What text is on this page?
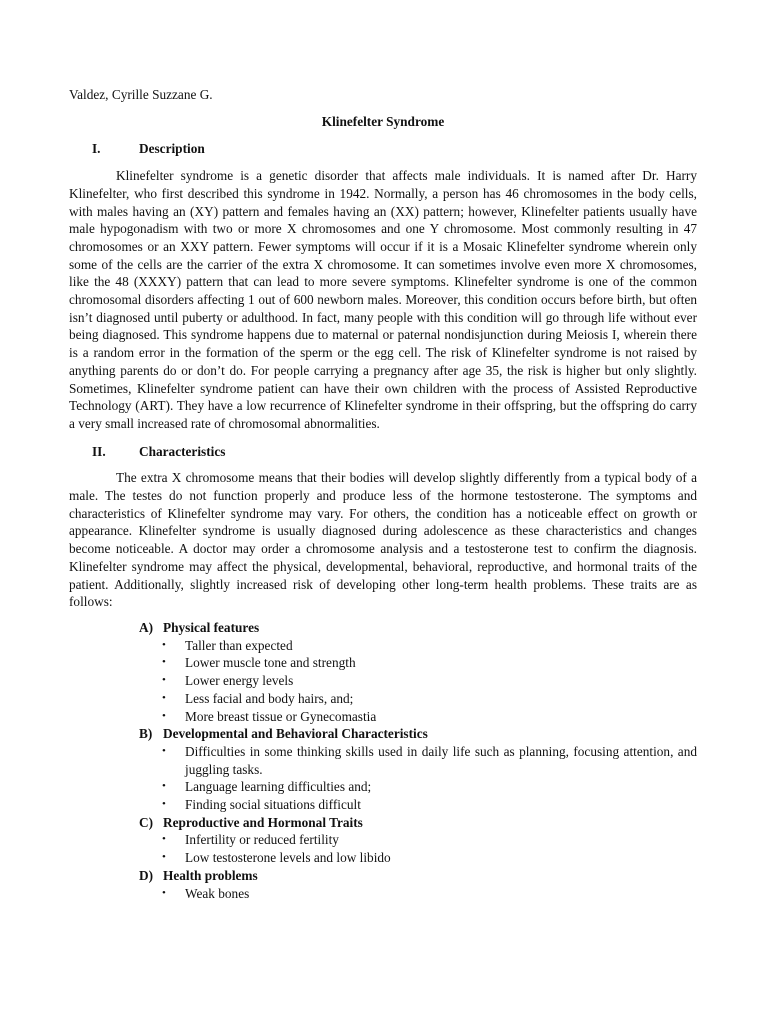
Valdez, Cyrille Suzzane G.

Klinefelter Syndrome

I.	Description

Klinefelter syndrome is a genetic disorder that affects male individuals. It is named after Dr. Harry Klinefelter, who first described this syndrome in 1942. Normally, a person has 46 chromosomes in the body cells, with males having an (XY) pattern and females having an (XX) pattern; however, Klinefelter patients usually have male hypogonadism with two or more X chromosomes and one Y chromosome. Most commonly resulting in 47 chromosomes or an XXY pattern. Fewer symptoms will occur if it is a Mosaic Klinefelter syndrome wherein only some of the cells are the carrier of the extra X chromosome. It can sometimes involve even more X chromosomes, like the 48 (XXXY) pattern that can lead to more severe symptoms. Klinefelter syndrome is one of the common chromosomal disorders affecting 1 out of 600 newborn males. Moreover, this condition occurs before birth, but often isn’t diagnosed until puberty or adulthood. In fact, many people with this condition will go through life without ever being diagnosed. This syndrome happens due to maternal or paternal nondisjunction during Meiosis I, wherein there is a random error in the formation of the sperm or the egg cell. The risk of Klinefelter syndrome is not raised by anything parents do or don’t do. For people carrying a pregnancy after age 35, the risk is higher but only slightly. Sometimes, Klinefelter syndrome patient can have their own children with the process of Assisted Reproductive Technology (ART). They have a low recurrence of Klinefelter syndrome in their offspring, but the offspring do carry a very small increased rate of chromosomal abnormalities.

II.	Characteristics

The extra X chromosome means that their bodies will develop slightly differently from a typical body of a male. The testes do not function properly and produce less of the hormone testosterone. The symptoms and characteristics of Klinefelter syndrome may vary. For others, the condition has a noticeable effect on growth or appearance. Klinefelter syndrome is usually diagnosed during adolescence as these characteristics and changes become noticeable. A doctor may order a chromosome analysis and a testosterone test to confirm the diagnosis. Klinefelter syndrome may affect the physical, developmental, behavioral, reproductive, and hormonal traits of the patient. Additionally, slightly increased risk of developing other long-term health problems. These traits are as follows:

A) Physical features
• Taller than expected
• Lower muscle tone and strength
• Lower energy levels
• Less facial and body hairs, and;
• More breast tissue or Gynecomastia
B) Developmental and Behavioral Characteristics
• Difficulties in some thinking skills used in daily life such as planning, focusing attention, and juggling tasks.
• Language learning difficulties and;
• Finding social situations difficult
C) Reproductive and Hormonal Traits
• Infertility or reduced fertility
• Low testosterone levels and low libido
D) Health problems
• Weak bones
